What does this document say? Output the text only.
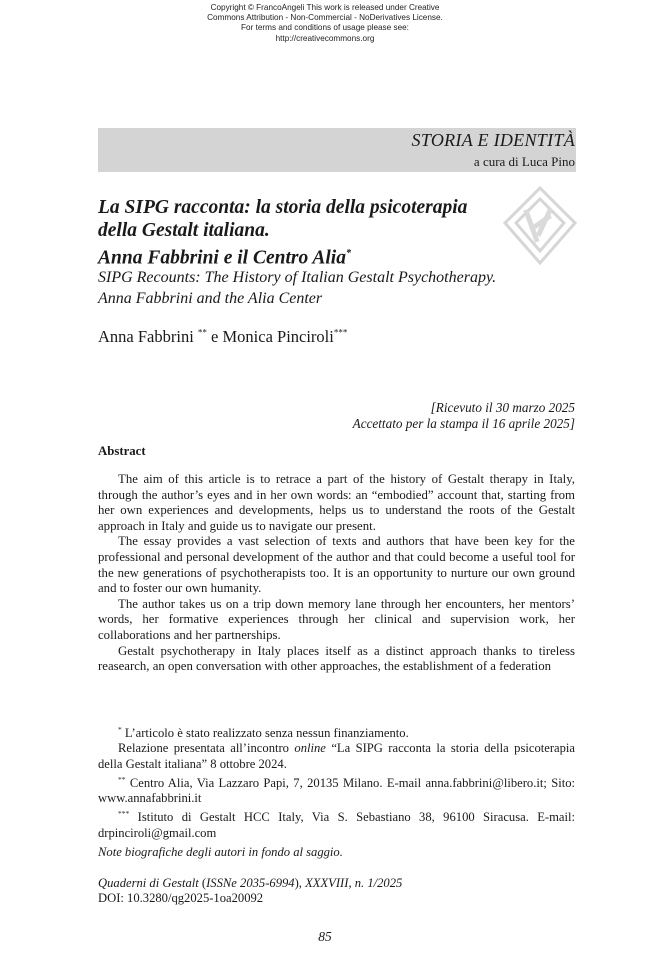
Copyright © FrancoAngeli This work is released under Creative
Commons Attribution - Non-Commercial - NoDerivatives License.
For terms and conditions of usage please see:
http://creativecommons.org
STORIA E IDENTITÀ
a cura di Luca Pino
La SIPG racconta: la storia della psicoterapia
della Gestalt italiana.
Anna Fabbrini e il Centro Alia*
SIPG Recounts: The History of Italian Gestalt Psychotherapy.
Anna Fabbrini and the Alia Center
Anna Fabbrini ** e Monica Pinciroli***
[Ricevuto il 30 marzo 2025
Accettato per la stampa il 16 aprile 2025]
Abstract

The aim of this article is to retrace a part of the history of Gestalt therapy in Italy, through the author’s eyes and in her own words: an “embodied” account that, starting from her own experiences and developments, helps us to understand the roots of the Gestalt approach in Italy and guide us to navigate our present.

The essay provides a vast selection of texts and authors that have been key for the professional and personal development of the author and that could become a useful tool for the new generations of psychotherapists too. It is an opportunity to nurture our own ground and to foster our own humanity.

The author takes us on a trip down memory lane through her encounters, her mentors’ words, her formative experiences through her clinical and supervision work, her collaborations and her partnerships.

Gestalt psychotherapy in Italy places itself as a distinct approach thanks to tireless reasearch, an open conversation with other approaches, the establishment of a federation

* L’articolo è stato realizzato senza nessun finanziamento.

Relazione presentata all’incontro online “La SIPG racconta la storia della psicoterapia della Gestalt italiana” 8 ottobre 2024.

** Centro Alia, Via Lazzaro Papi, 7, 20135 Milano. E-mail anna.fabbrini@libero.it; Sito: www.annafabbrini.it

*** Istituto di Gestalt HCC Italy, Via S. Sebastiano 38, 96100 Siracusa. E-mail: drpinciroli@gmail.com

Note biografiche degli autori in fondo al saggio.
Quaderni di Gestalt (ISSNe 2035-6994), XXXVIII, n. 1/2025
DOI: 10.3280/qg2025-1oa20092
85
